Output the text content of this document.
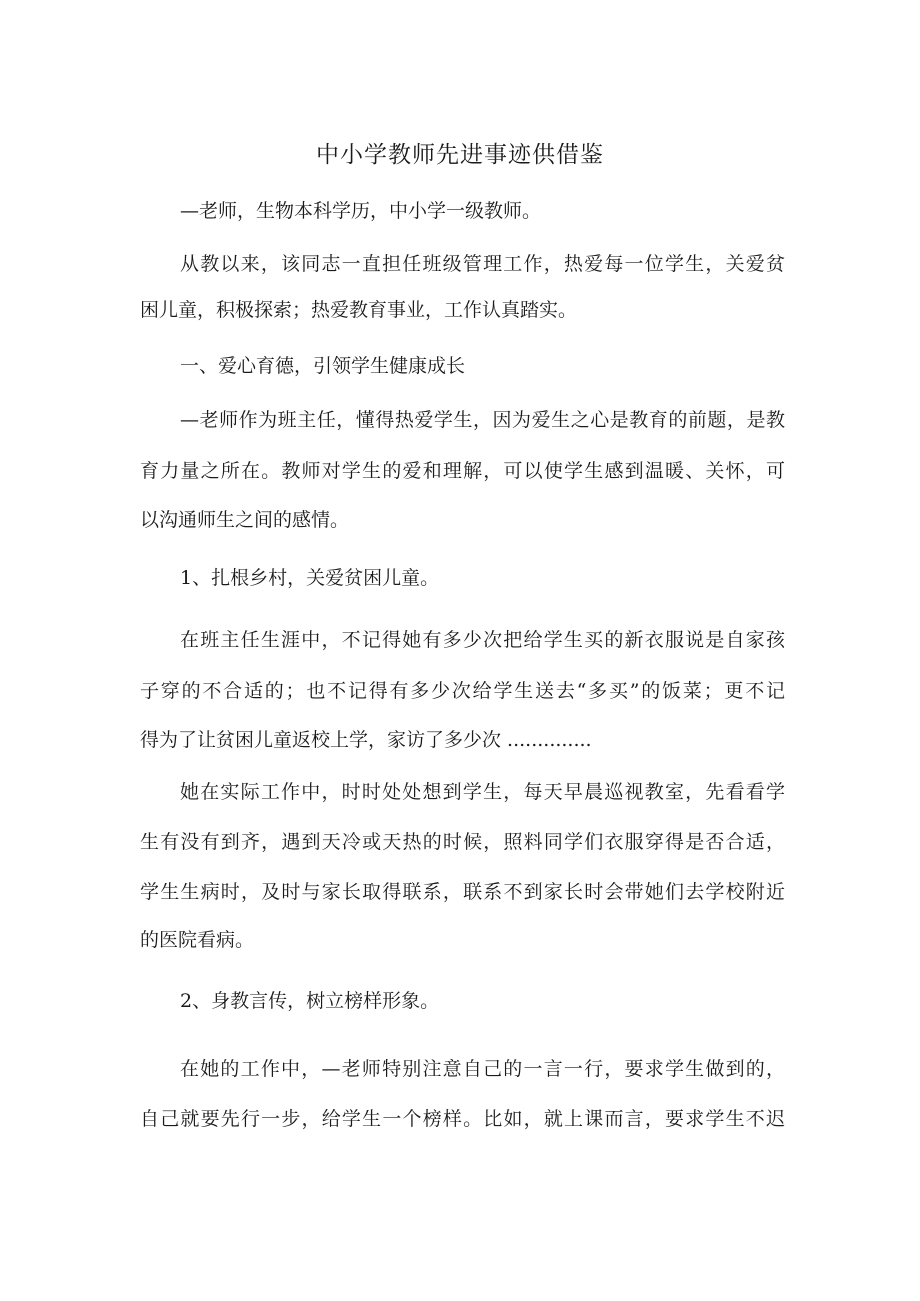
中小学教师先进事迹供借鉴
—老师，生物本科学历，中小学一级教师。
从教以来，该同志一直担任班级管理工作，热爱每一位学生，关爱贫
困儿童，积极探索；热爱教育事业，工作认真踏实。
一、爱心育德，引领学生健康成长
—老师作为班主任，懂得热爱学生，因为爱生之心是教育的前题，是教
育力量之所在。教师对学生的爱和理解，可以使学生感到温暖、关怀，可
以沟通师生之间的感情。
1、扎根乡村，关爱贫困儿童。
在班主任生涯中，不记得她有多少次把给学生买的新衣服说是自家孩
子穿的不合适的；也不记得有多少次给学生送去“多买”的饭菜；更不记
得为了让贫困儿童返校上学，家访了多少次 ..............
她在实际工作中，时时处处想到学生，每天早晨巡视教室，先看看学
生有没有到齐，遇到天冷或天热的时候，照料同学们衣服穿得是否合适，
学生生病时，及时与家长取得联系，联系不到家长时会带她们去学校附近
的医院看病。
2、身教言传，树立榜样形象。
在她的工作中，—老师特别注意自己的一言一行，要求学生做到的，
自己就要先行一步，给学生一个榜样。比如，就上课而言，要求学生不迟
